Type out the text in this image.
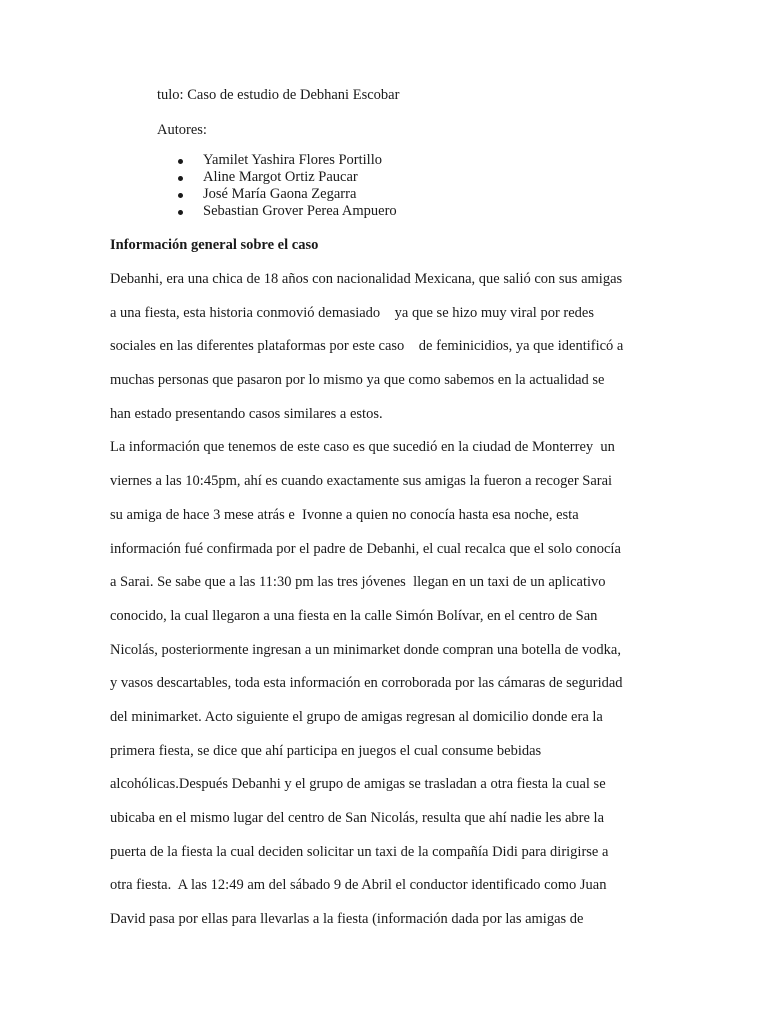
tulo: Caso de estudio de Debhani Escobar
Autores:
Yamilet Yashira Flores Portillo
Aline Margot Ortiz Paucar
José María Gaona Zegarra
Sebastian Grover Perea Ampuero
Información general sobre el caso
Debanhi, era una chica de 18 años con nacionalidad Mexicana, que salió con sus amigas
a una fiesta, esta historia conmovió demasiado    ya que se hizo muy viral por redes
sociales en las diferentes plataformas por este caso    de feminicidios, ya que identificó a
muchas personas que pasaron por lo mismo ya que como sabemos en la actualidad se
han estado presentando casos similares a estos.
La información que tenemos de este caso es que sucedió en la ciudad de Monterrey  un
viernes a las 10:45pm, ahí es cuando exactamente sus amigas la fueron a recoger Sarai
su amiga de hace 3 mese atrás e  Ivonne a quien no conocía hasta esa noche, esta
información fué confirmada por el padre de Debanhi, el cual recalca que el solo conocía
a Sarai. Se sabe que a las 11:30 pm las tres jóvenes  llegan en un taxi de un aplicativo
conocido, la cual llegaron a una fiesta en la calle Simón Bolívar, en el centro de San
Nicolás, posteriormente ingresan a un minimarket donde compran una botella de vodka,
y vasos descartables, toda esta información en corroborada por las cámaras de seguridad
del minimarket. Acto siguiente el grupo de amigas regresan al domicilio donde era la
primera fiesta, se dice que ahí participa en juegos el cual consume bebidas
alcohólicas.Después Debanhi y el grupo de amigas se trasladan a otra fiesta la cual se
ubicaba en el mismo lugar del centro de San Nicolás, resulta que ahí nadie les abre la
puerta de la fiesta la cual deciden solicitar un taxi de la compañía Didi para dirigirse a
otra fiesta.  A las 12:49 am del sábado 9 de Abril el conductor identificado como Juan
David pasa por ellas para llevarlas a la fiesta (información dada por las amigas de
